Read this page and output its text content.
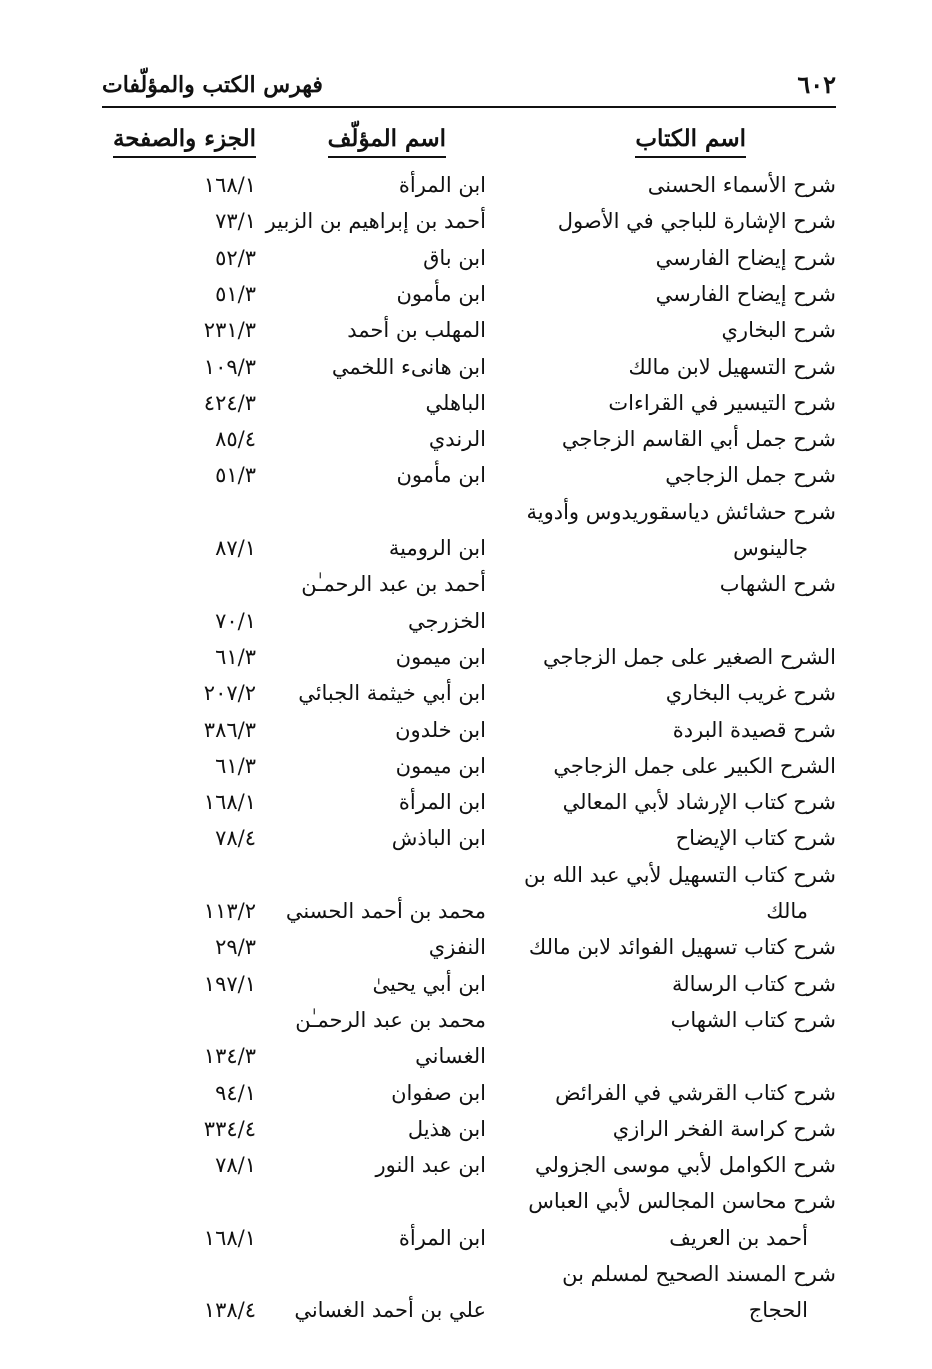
٦٠٢
فهرس الكتب والمؤلّفات
اسم الكتاب
اسم المؤلّف
الجزء والصفحة
شرح الأسماء الحسنى
ابن المرأة
١٦٨/١
شرح الإشارة للباجي في الأصول
أحمد بن إبراهيم بن الزبير
٧٣/١
شرح إيضاح الفارسي
ابن باق
٥٢/٣
شرح إيضاح الفارسي
ابن مأمون
٥١/٣
شرح البخاري
المهلب بن أحمد
٢٣١/٣
شرح التسهيل لابن مالك
ابن هانىء اللخمي
١٠٩/٣
شرح التيسير في القراءات
الباهلي
٤٢٤/٣
شرح جمل أبي القاسم الزجاجي
الرندي
٨٥/٤
شرح جمل الزجاجي
ابن مأمون
٥١/٣
شرح حشائش دياسقوريدوس وأدوية
جالينوس
ابن الرومية
٨٧/١
شرح الشهاب
أحمد بن عبد الرحمـٰن
الخزرجي
٧٠/١
الشرح الصغير على جمل الزجاجي
ابن ميمون
٦١/٣
شرح غريب البخاري
ابن أبي خيثمة الجبائي
٢٠٧/٢
شرح قصيدة البردة
ابن خلدون
٣٨٦/٣
الشرح الكبير على جمل الزجاجي
ابن ميمون
٦١/٣
شرح كتاب الإرشاد لأبي المعالي
ابن المرأة
١٦٨/١
شرح كتاب الإيضاح
ابن الباذش
٧٨/٤
شرح كتاب التسهيل لأبي عبد الله بن
مالك
محمد بن أحمد الحسني
١١٣/٢
شرح كتاب تسهيل الفوائد لابن مالك
النفزي
٢٩/٣
شرح كتاب الرسالة
ابن أبي يحيىٰ
١٩٧/١
شرح كتاب الشهاب
محمد بن عبد الرحمـٰن
الغساني
١٣٤/٣
شرح كتاب القرشي في الفرائض
ابن صفوان
٩٤/١
شرح كراسة الفخر الرازي
ابن هذيل
٣٣٤/٤
شرح الكوامل لأبي موسى الجزولي
ابن عبد النور
٧٨/١
شرح محاسن المجالس لأبي العباس
أحمد بن العريف
ابن المرأة
١٦٨/١
شرح المسند الصحيح لمسلم بن
الحجاج
علي بن أحمد الغساني
١٣٨/٤
